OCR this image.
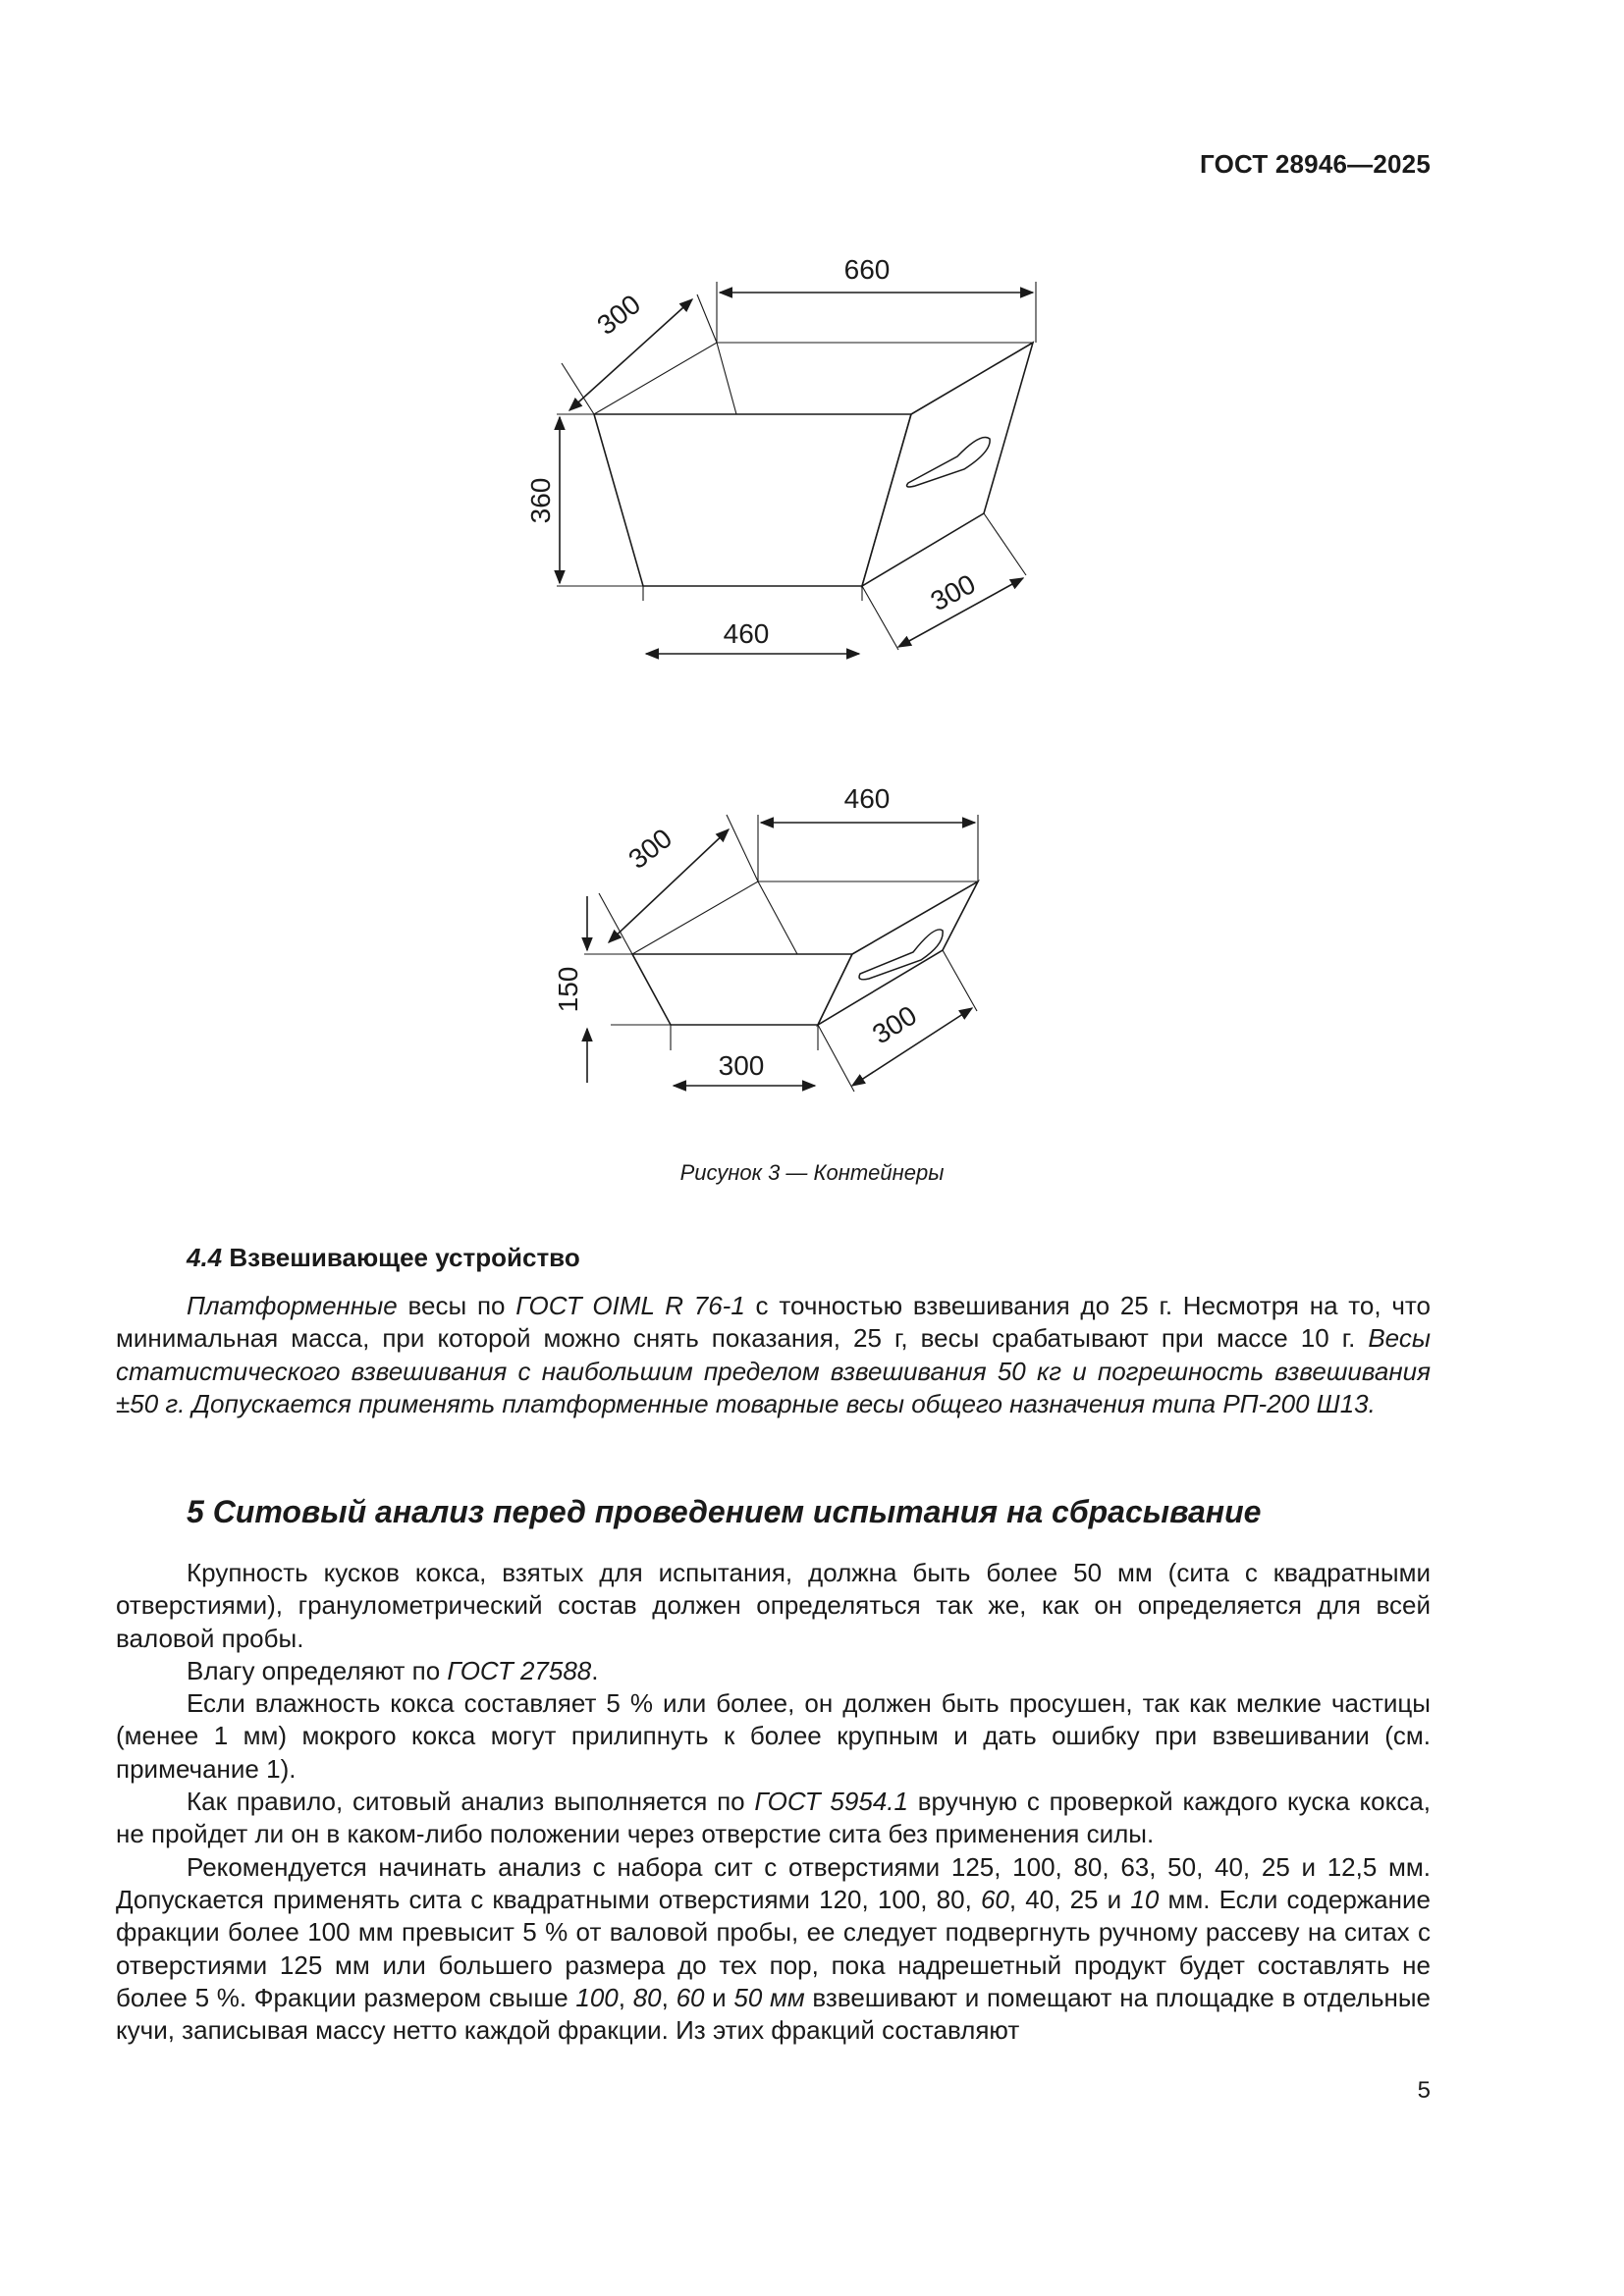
ГОСТ 28946—2025
660
300
360
460
300
460
300
150
300
300
Рисунок 3 — Контейнеры
4.4 Взвешивающее устройство

Платформенные весы по ГОСТ OIML R 76-1 с точностью взвешивания до 25 г. Несмотря на то, что минимальная масса, при которой можно снять показания, 25 г, весы срабатывают при массе 10 г. Весы статистического взвешивания с наибольшим пределом взвешивания 50 кг и погрешность взвешивания ±50 г. Допускается применять платформенные товарные весы общего назначения типа РП-200 Ш13.

5 Ситовый анализ перед проведением испытания на сбрасывание

Крупность кусков кокса, взятых для испытания, должна быть более 50 мм (сита с квадратными отверстиями), гранулометрический состав должен определяться так же, как он определяется для всей валовой пробы.

Влагу определяют по ГОСТ 27588.

Если влажность кокса составляет 5 % или более, он должен быть просушен, так как мелкие частицы (менее 1 мм) мокрого кокса могут прилипнуть к более крупным и дать ошибку при взвешивании (см. примечание 1).

Как правило, ситовый анализ выполняется по ГОСТ 5954.1 вручную с проверкой каждого куска кокса, не пройдет ли он в каком-либо положении через отверстие сита без применения силы.

Рекомендуется начинать анализ с набора сит с отверстиями 125, 100, 80, 63, 50, 40, 25 и 12,5 мм. Допускается применять сита с квадратными отверстиями 120, 100, 80, 60, 40, 25 и 10 мм. Если содержание фракции более 100 мм превысит 5 % от валовой пробы, ее следует подвергнуть ручному рассеву на ситах с отверстиями 125 мм или большего размера до тех пор, пока надрешетный продукт будет составлять не более 5 %. Фракции размером свыше 100, 80, 60 и 50 мм взвешивают и помещают на площадке в отдельные кучи, записывая массу нетто каждой фракции. Из этих фракций составляют

5
